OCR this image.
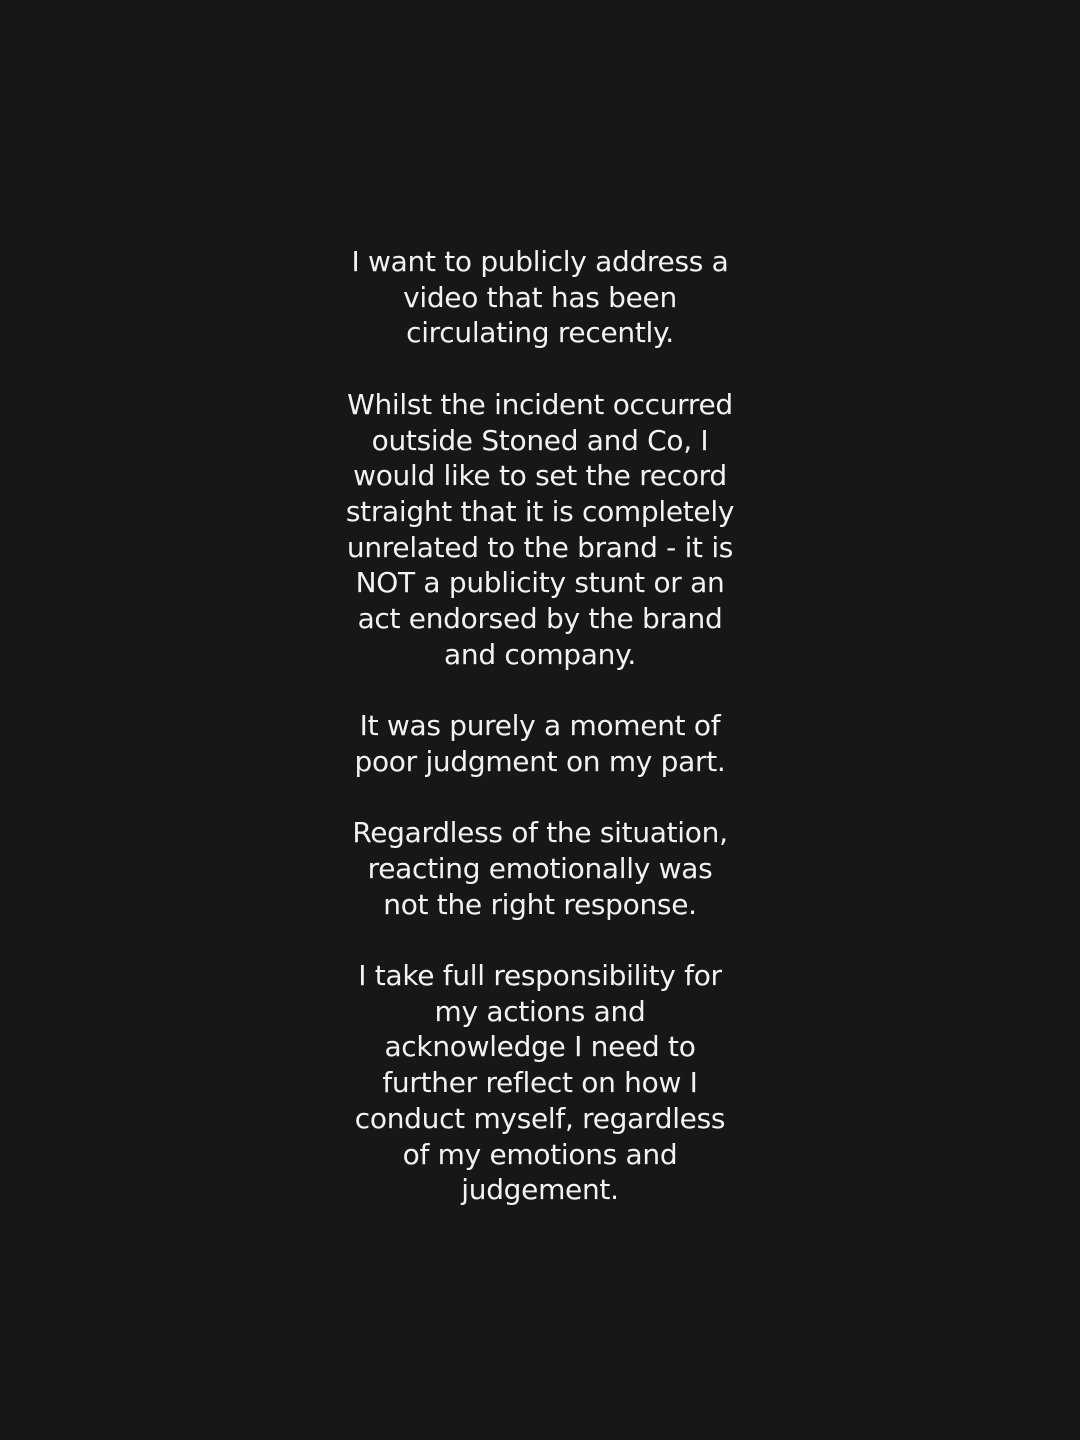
I want to publicly address a
video that has been
circulating recently.
Whilst the incident occurred
outside Stoned and Co, I
would like to set the record
straight that it is completely
unrelated to the brand - it is
NOT a publicity stunt or an
act endorsed by the brand
and company.
It was purely a moment of
poor judgment on my part.
Regardless of the situation,
reacting emotionally was
not the right response.
I take full responsibility for
my actions and
acknowledge I need to
further reflect on how I
conduct myself, regardless
of my emotions and
judgement.
